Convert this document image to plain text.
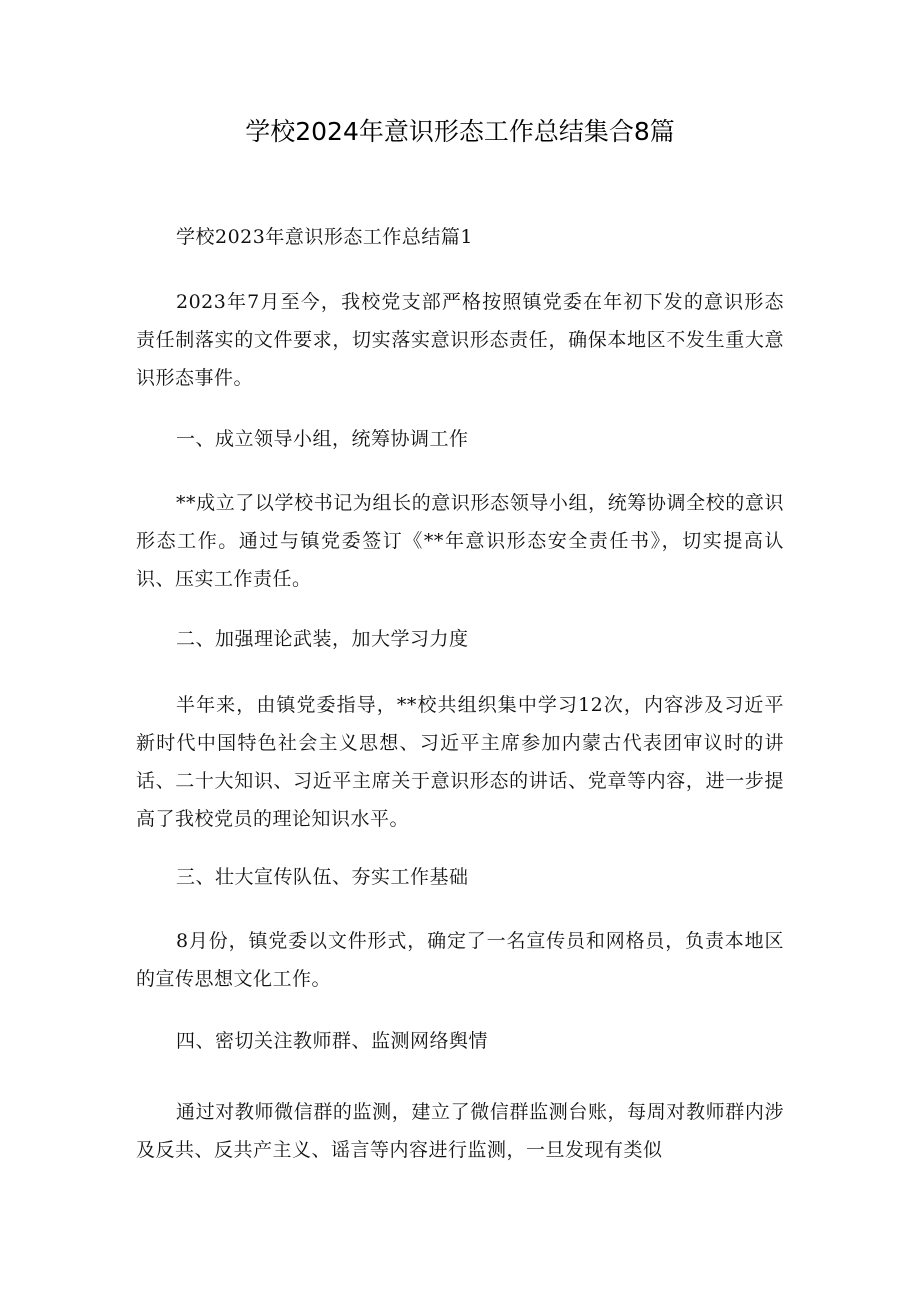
学校2024年意识形态工作总结集合8篇

学校2023年意识形态工作总结篇1

2023年7月至今，我校党支部严格按照镇党委在年初下发的意识形态责任制落实的文件要求，切实落实意识形态责任，确保本地区不发生重大意识形态事件。

一、成立领导小组，统筹协调工作

**成立了以学校书记为组长的意识形态领导小组，统筹协调全校的意识形态工作。通过与镇党委签订《**年意识形态安全责任书》，切实提高认识、压实工作责任。

二、加强理论武装，加大学习力度

半年来，由镇党委指导，**校共组织集中学习12次，内容涉及习近平新时代中国特色社会主义思想、习近平主席参加内蒙古代表团审议时的讲话、二十大知识、习近平主席关于意识形态的讲话、党章等内容，进一步提高了我校党员的理论知识水平。

三、壮大宣传队伍、夯实工作基础

8月份，镇党委以文件形式，确定了一名宣传员和网格员，负责本地区的宣传思想文化工作。

四、密切关注教师群、监测网络舆情

通过对教师微信群的监测，建立了微信群监测台账，每周对教师群内涉及反共、反共产主义、谣言等内容进行监测，一旦发现有类似
